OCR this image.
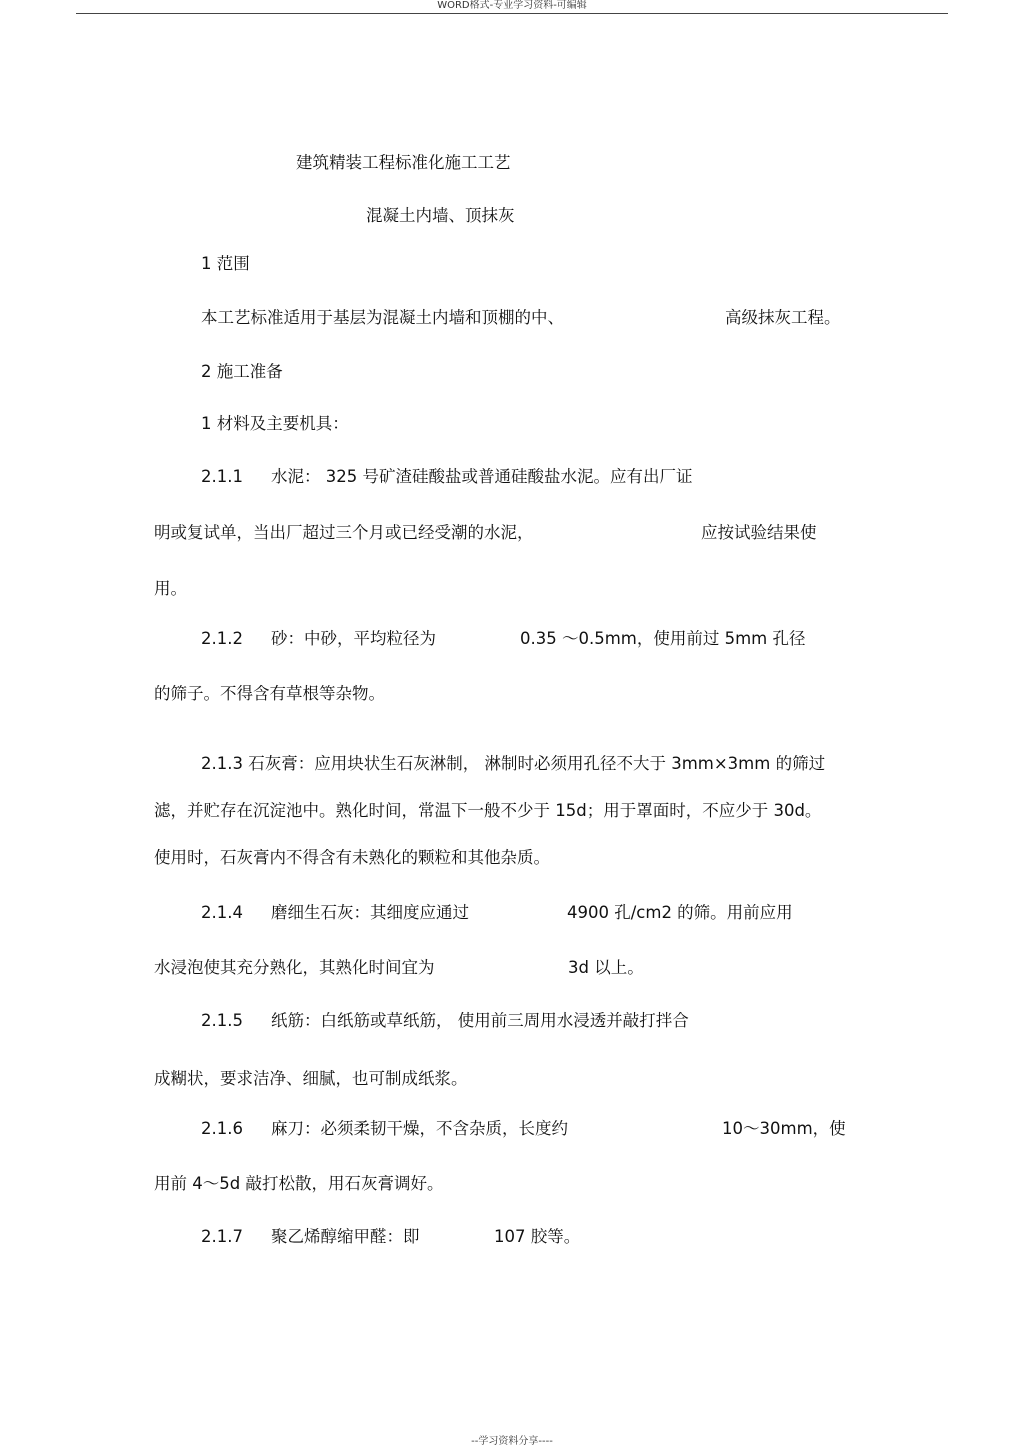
WORD格式-专业学习资料-可编辑
建筑精装工程标准化施工工艺
混凝土内墙、顶抹灰
1 范围
本工艺标准适用于基层为混凝土内墙和顶棚的中、	高级抹灰工程。
2 施工准备
1 材料及主要机具：
2.1.1 水泥： 325 号矿渣硅酸盐或普通硅酸盐水泥。应有出厂证
明或复试单，当出厂超过三个月或已经受潮的水泥，	应按试验结果使
用。
2.1.2 砂：中砂，平均粒径为	0.35 ～0.5mm，使用前过 5mm 孔径
的筛子。不得含有草根等杂物。
2.1.3 石灰膏：应用块状生石灰淋制， 淋制时必须用孔径不大于 3mm×3mm 的筛过
滤，并贮存在沉淀池中。熟化时间，常温下一般不少于 15d；用于罩面时，不应少于 30d。
使用时，石灰膏内不得含有未熟化的颗粒和其他杂质。
2.1.4 磨细生石灰：其细度应通过	4900 孔/cm2 的筛。用前应用
水浸泡使其充分熟化，其熟化时间宜为	3d 以上。
2.1.5 纸筋：白纸筋或草纸筋， 使用前三周用水浸透并敲打拌合
成糊状，要求洁净、细腻，也可制成纸浆。
2.1.6 麻刀：必须柔韧干燥，不含杂质，长度约	10～30mm，使
用前 4～5d 敲打松散，用石灰膏调好。
2.1.7 聚乙烯醇缩甲醛：即	107 胶等。
--学习资料分享----
